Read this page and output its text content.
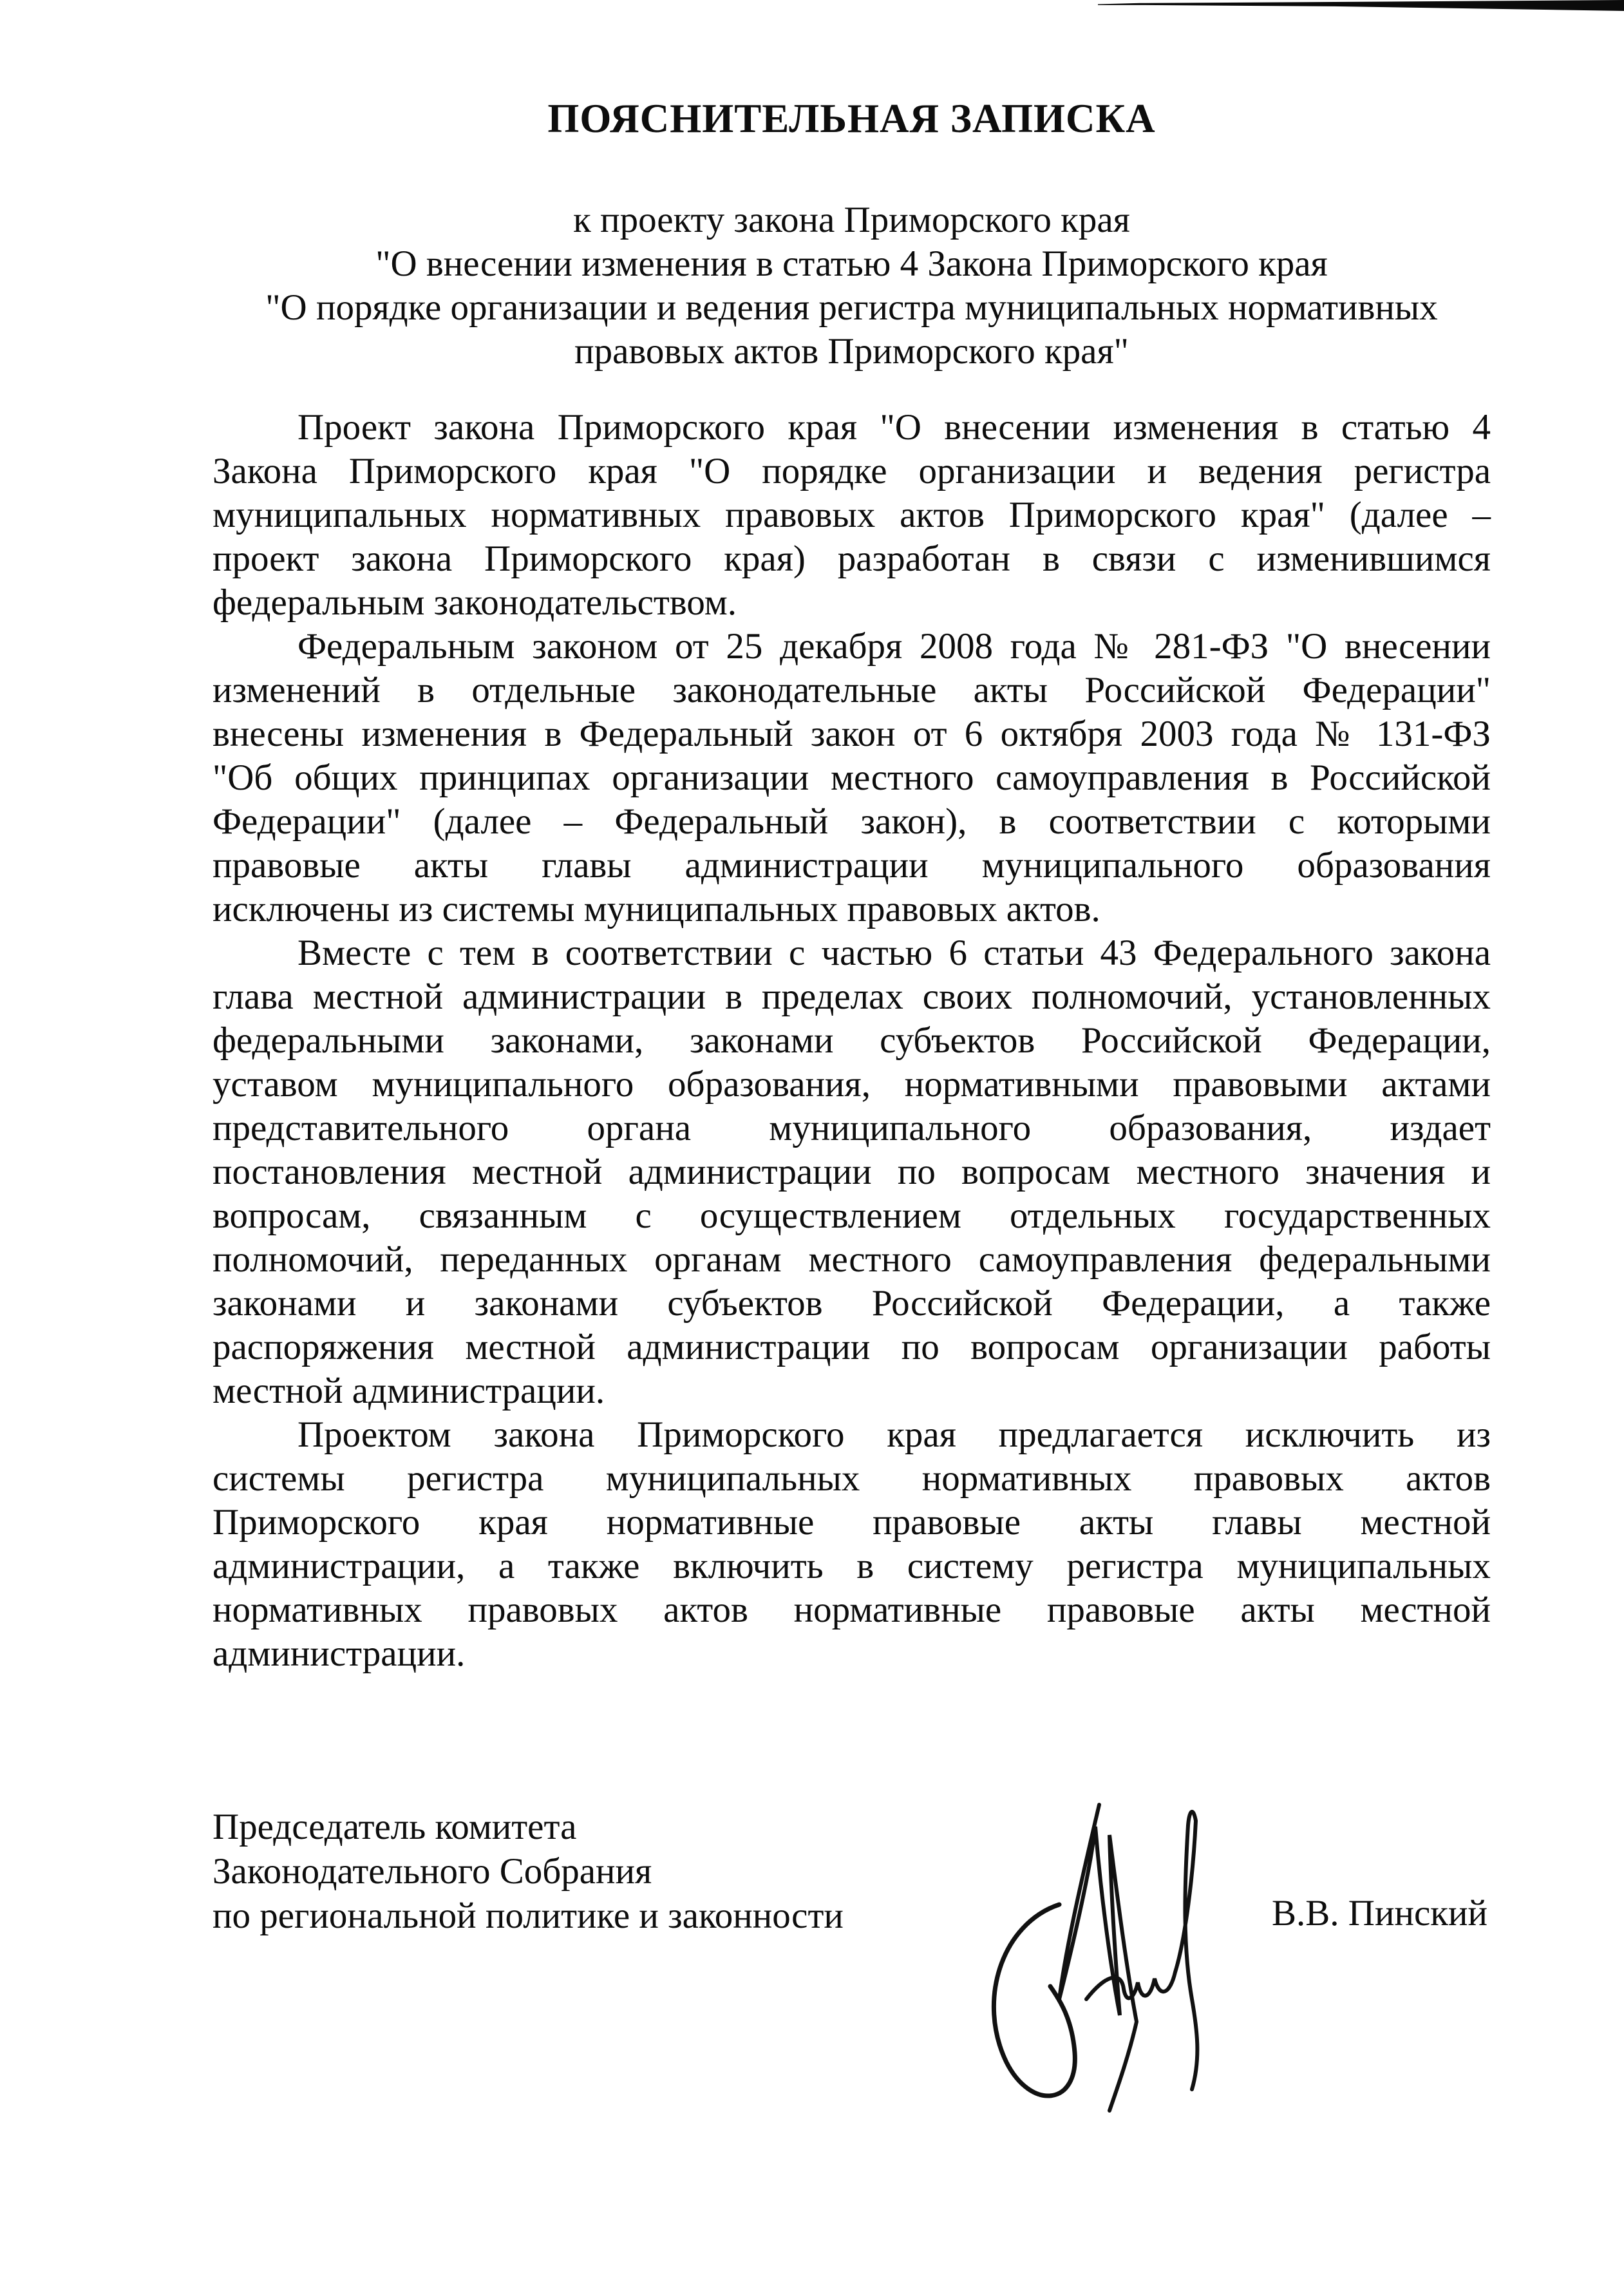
ПОЯСНИТЕЛЬНАЯ ЗАПИСКА
к проекту закона Приморского края
"О внесении изменения в статью 4 Закона Приморского края
"О порядке организации и ведения регистра муниципальных нормативных
правовых актов Приморского края"
Проект закона Приморского края "О внесении изменения в статью 4
Закона Приморского края "О порядке организации и ведения регистра
муниципальных нормативных правовых актов Приморского края" (далее –
проект закона Приморского края) разработан в связи с изменившимся
федеральным законодательством.
Федеральным законом от 25 декабря 2008 года № 281-ФЗ "О внесении
изменений в отдельные законодательные акты Российской Федерации"
внесены изменения в Федеральный закон от 6 октября 2003 года № 131-ФЗ
"Об общих принципах организации местного самоуправления в Российской
Федерации" (далее – Федеральный закон), в соответствии с которыми
правовые акты главы администрации муниципального образования
исключены из системы муниципальных правовых актов.
Вместе с тем в соответствии с частью 6 статьи 43 Федерального закона
глава местной администрации в пределах своих полномочий, установленных
федеральными законами, законами субъектов Российской Федерации,
уставом муниципального образования, нормативными правовыми актами
представительного органа муниципального образования, издает
постановления местной администрации по вопросам местного значения и
вопросам, связанным с осуществлением отдельных государственных
полномочий, переданных органам местного самоуправления федеральными
законами и законами субъектов Российской Федерации, а также
распоряжения местной администрации по вопросам организации работы
местной администрации.
Проектом закона Приморского края предлагается исключить из
системы регистра муниципальных нормативных правовых актов
Приморского края нормативные правовые акты главы местной
администрации, а также включить в систему регистра муниципальных
нормативных правовых актов нормативные правовые акты местной
администрации.
Председатель комитета
Законодательного Собрания
по региональной политике и законности	В.В. Пинский
